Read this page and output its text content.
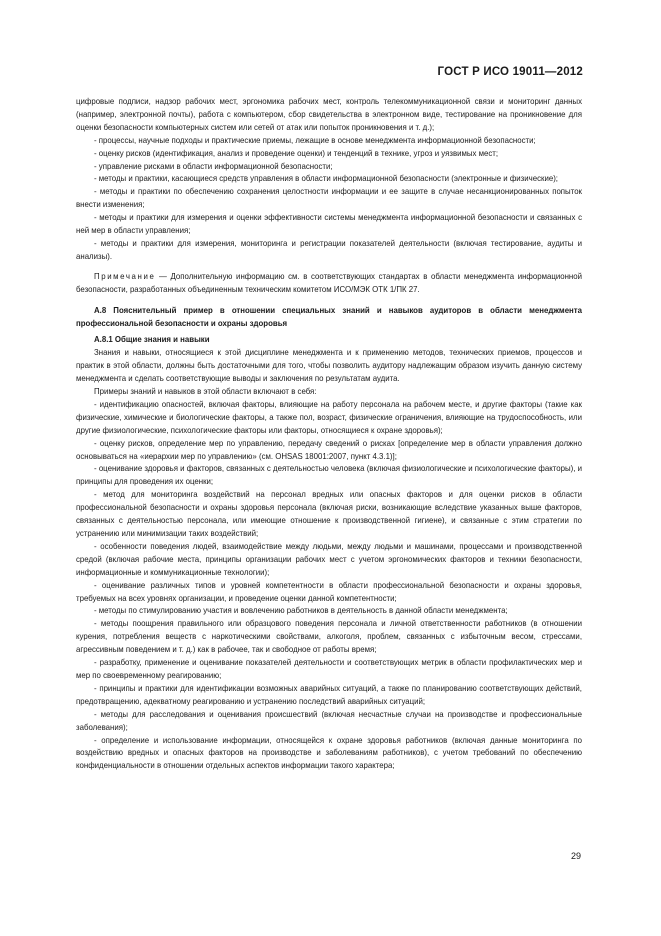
ГОСТ Р ИСО 19011—2012

цифровые подписи, надзор рабочих мест, эргономика рабочих мест, контроль телекоммуникационной связи и мониторинг данных (например, электронной почты), работа с компьютером, сбор свидетельства в электронном виде, тестирование на проникновение для оценки безопасности компьютерных систем или сетей от атак или попыток проникновения и т. д.);

- процессы, научные подходы и практические приемы, лежащие в основе менеджмента информационной безопасности;

- оценку рисков (идентификация, анализ и проведение оценки) и тенденций в технике, угроз и уязвимых мест;

- управление рисками в области информационной безопасности;

- методы и практики, касающиеся средств управления в области информационной безопасности (электронные и физические);

- методы и практики по обеспечению сохранения целостности информации и ее защите в случае несанкционированных попыток внести изменения;

- методы и практики для измерения и оценки эффективности системы менеджмента информационной безопасности и связанных с ней мер в области управления;

- методы и практики для измерения, мониторинга и регистрации показателей деятельности (включая тестирование, аудиты и анализы).

Примечание — Дополнительную информацию см. в соответствующих стандартах в области менеджмента информационной безопасности, разработанных объединенным техническим комитетом ИСО/МЭК ОТК 1/ПК 27.

А.8 Пояснительный пример в отношении специальных знаний и навыков аудиторов в области менеджмента профессиональной безопасности и охраны здоровья

А.8.1 Общие знания и навыки

Знания и навыки, относящиеся к этой дисциплине менеджмента и к применению методов, технических приемов, процессов и практик в этой области, должны быть достаточными для того, чтобы позволить аудитору надлежащим образом изучить данную систему менеджмента и сделать соответствующие выводы и заключения по результатам аудита.

Примеры знаний и навыков в этой области включают в себя:

- идентификацию опасностей, включая факторы, влияющие на работу персонала на рабочем месте, и другие факторы (такие как физические, химические и биологические факторы, а также пол, возраст, физические ограничения, влияющие на трудоспособность, или другие физиологические, психологические факторы или факторы, относящиеся к охране здоровья);

- оценку рисков, определение мер по управлению, передачу сведений о рисках [определение мер в области управления должно основываться на «иерархии мер по управлению» (см. OHSAS 18001:2007, пункт 4.3.1)];

- оценивание здоровья и факторов, связанных с деятельностью человека (включая физиологические и психологические факторы), и принципы для проведения их оценки;

- метод для мониторинга воздействий на персонал вредных или опасных факторов и для оценки рисков в области профессиональной безопасности и охраны здоровья персонала (включая риски, возникающие вследствие указанных выше факторов, связанных с деятельностью персонала, или имеющие отношение к производственной гигиене), и связанные с этим стратегии по устранению или минимизации таких воздействий;

- особенности поведения людей, взаимодействие между людьми, между людьми и машинами, процессами и производственной средой (включая рабочие места, принципы организации рабочих мест с учетом эргономических факторов и техники безопасности, информационные и коммуникационные технологии);

- оценивание различных типов и уровней компетентности в области профессиональной безопасности и охраны здоровья, требуемых на всех уровнях организации, и проведение оценки данной компетентности;

- методы по стимулированию участия и вовлечению работников в деятельность в данной области менеджмента;

- методы поощрения правильного или образцового поведения персонала и личной ответственности работников (в отношении курения, потребления веществ с наркотическими свойствами, алкоголя, проблем, связанных с избыточным весом, стрессами, агрессивным поведением и т. д.) как в рабочее, так и свободное от работы время;

- разработку, применение и оценивание показателей деятельности и соответствующих метрик в области профилактических мер и мер по своевременному реагированию;

- принципы и практики для идентификации возможных аварийных ситуаций, а также по планированию соответствующих действий, предотвращению, адекватному реагированию и устранению последствий аварийных ситуаций;

- методы для расследования и оценивания происшествий (включая несчастные случаи на производстве и профессиональные заболевания);

- определение и использование информации, относящейся к охране здоровья работников (включая данные мониторинга по воздействию вредных и опасных факторов на производстве и заболеваниям работников), с учетом требований по обеспечению конфиденциальности в отношении отдельных аспектов информации такого характера;

29
